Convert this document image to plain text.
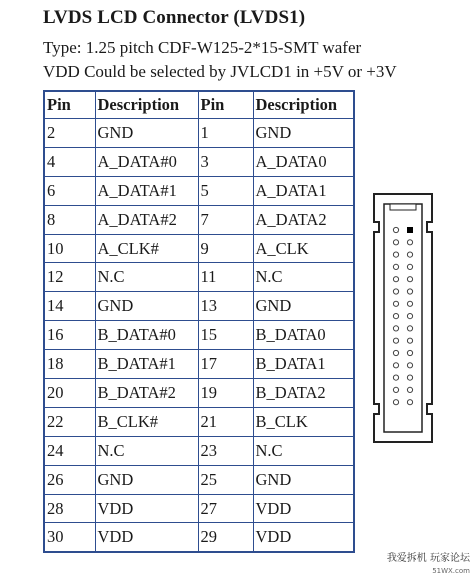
LVDS LCD Connector (LVDS1)
Type: 1.25 pitch CDF-W125-2*15-SMT wafer
VDD Could be selected by JVLCD1 in +5V or +3V
Pin	Description	Pin	Description
2	GND	1	GND
4	A_DATA#0	3	A_DATA0
6	A_DATA#1	5	A_DATA1
8	A_DATA#2	7	A_DATA2
10	A_CLK#	9	A_CLK
12	N.C	11	N.C
14	GND	13	GND
16	B_DATA#0	15	B_DATA0
18	B_DATA#1	17	B_DATA1
20	B_DATA#2	19	B_DATA2
22	B_CLK#	21	B_CLK
24	N.C	23	N.C
26	GND	25	GND
28	VDD	27	VDD
30	VDD	29	VDD
我爱拆机 玩家论坛
51WX.com
